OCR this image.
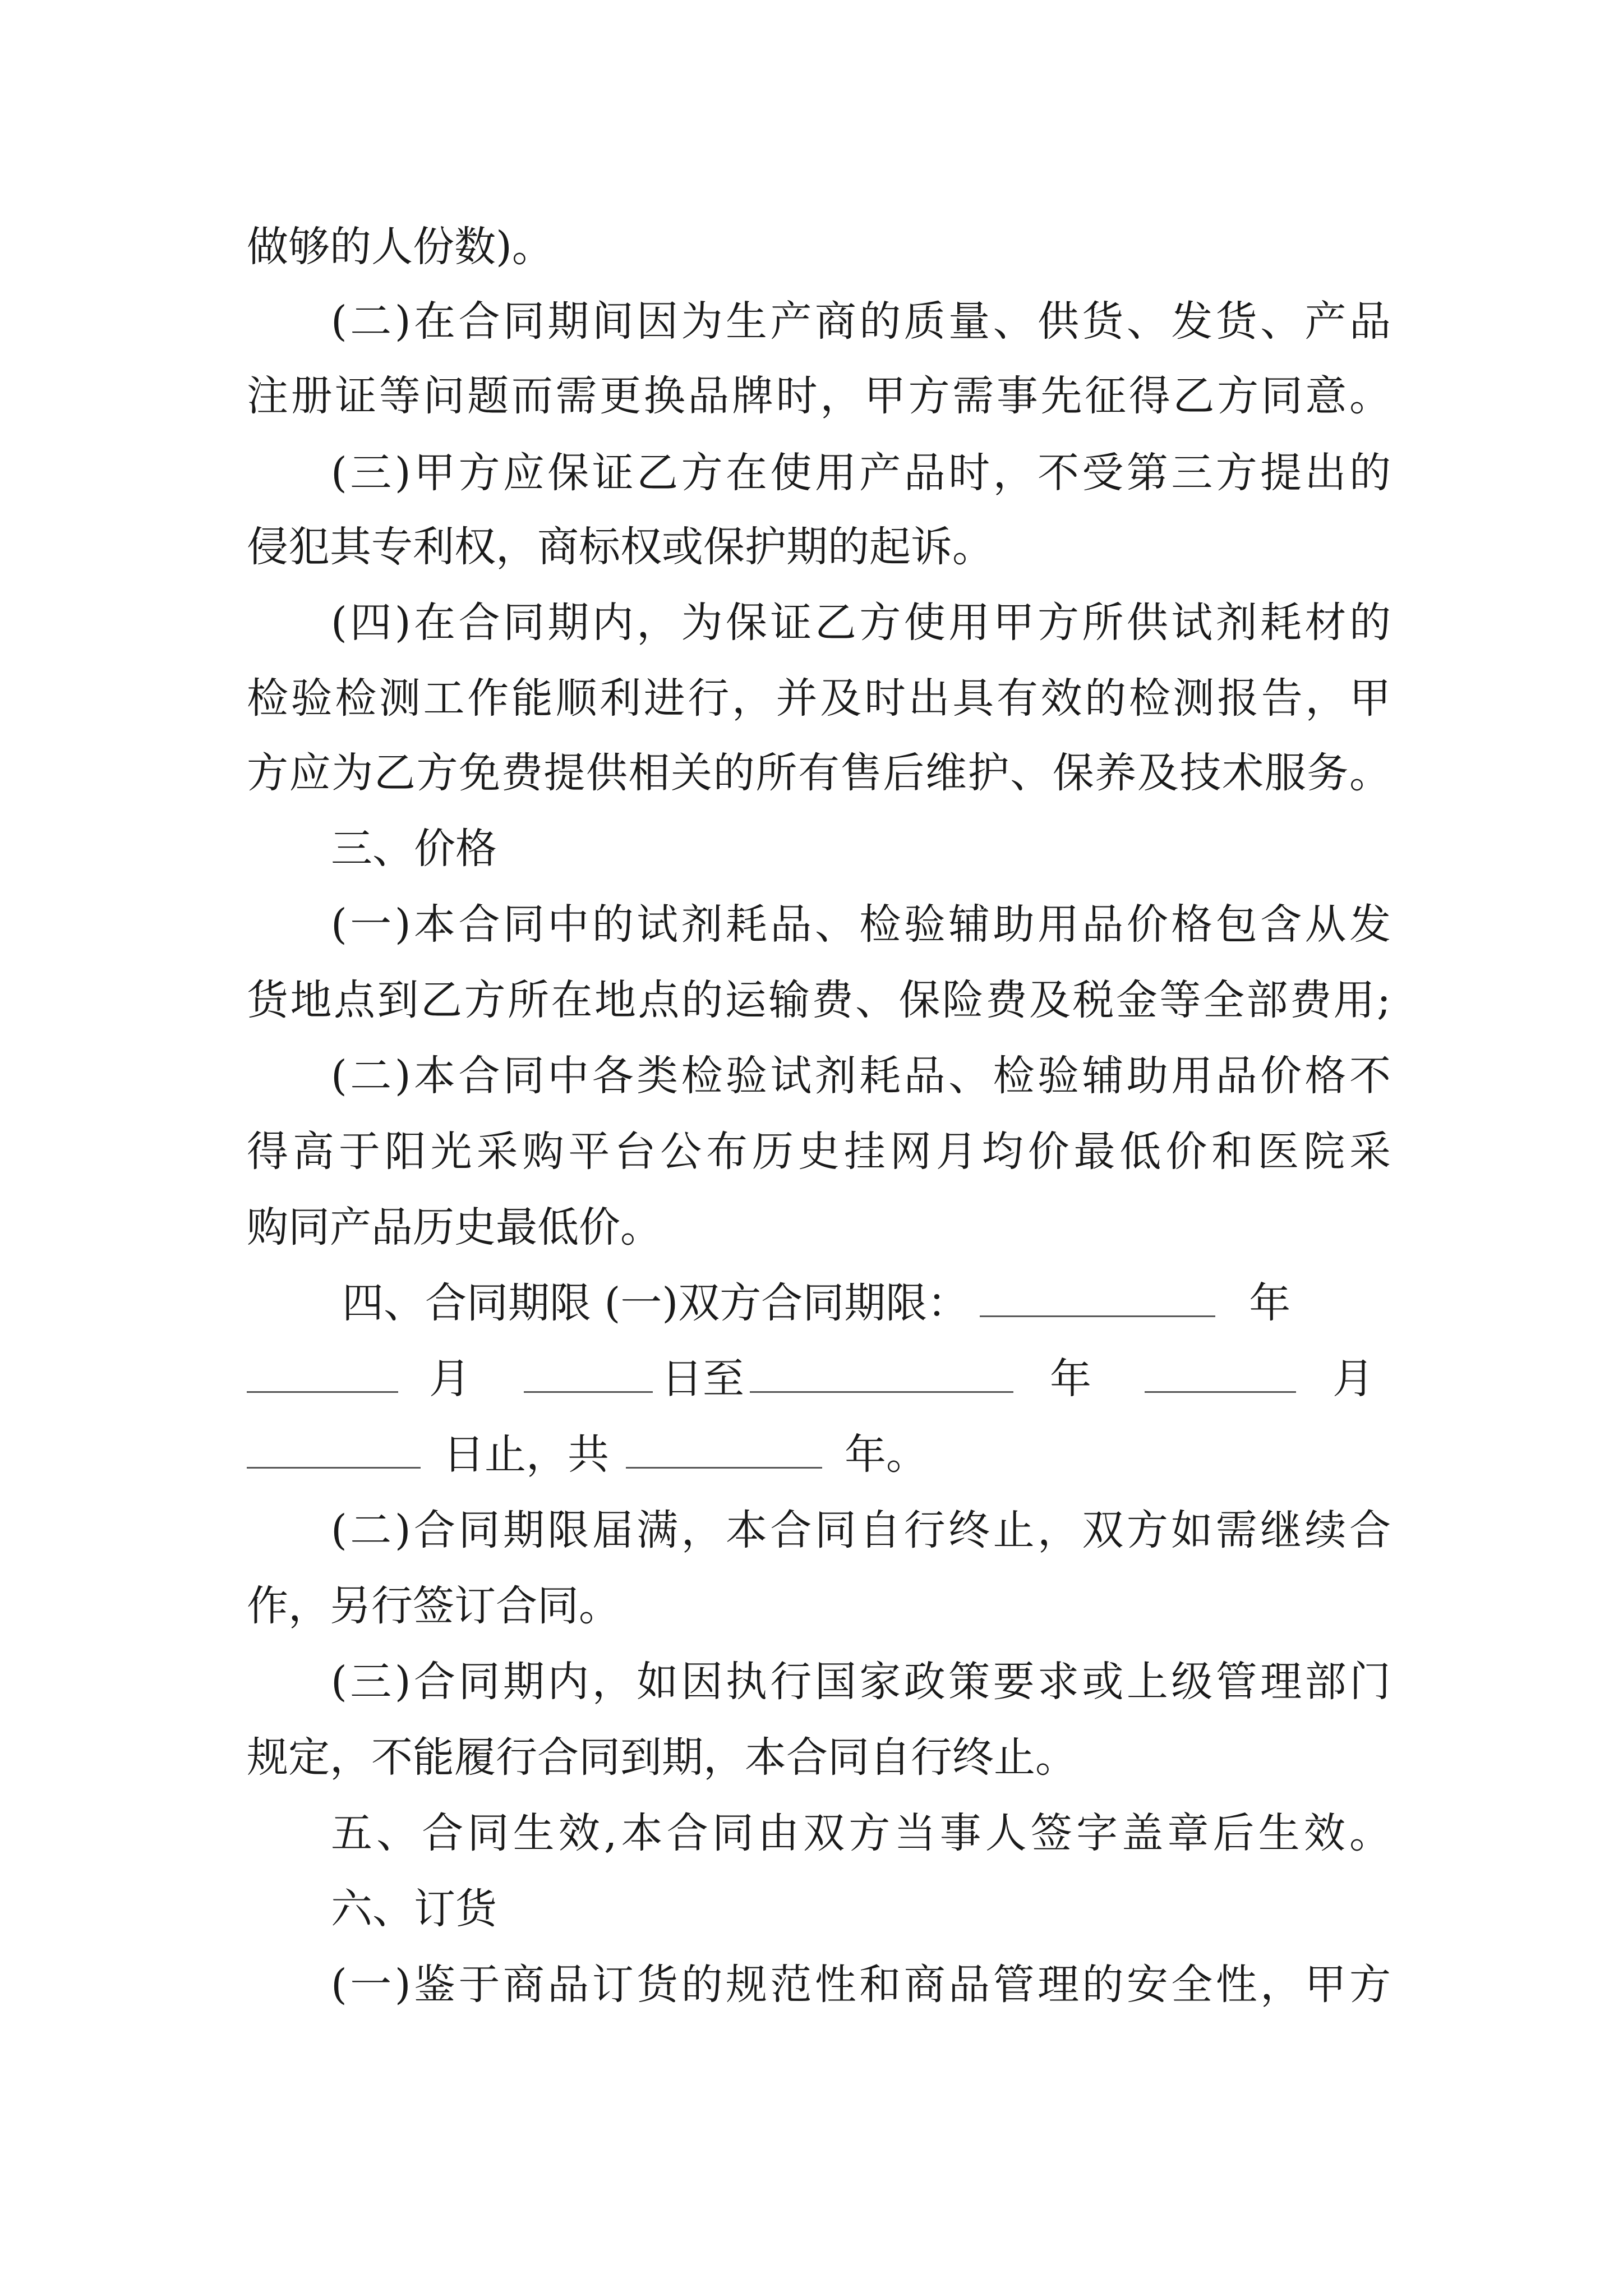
做够的人份数)。
(二)在合同期间因为生产商的质量、供货、发货、产品
注册证等问题而需更换品牌时，甲方需事先征得乙方同意。
(三)甲方应保证乙方在使用产品时，不受第三方提出的
侵犯其专利权，商标权或保护期的起诉。
(四)在合同期内，为保证乙方使用甲方所供试剂耗材的
检验检测工作能顺利进行，并及时出具有效的检测报告，甲
方应为乙方免费提供相关的所有售后维护、保养及技术服务。
三、价格
(一)本合同中的试剂耗品、检验辅助用品价格包含从发
货地点到乙方所在地点的运输费、保险费及税金等全部费用;
(二)本合同中各类检验试剂耗品、检验辅助用品价格不
得高于阳光采购平台公布历史挂网月均价最低价和医院采
购同产品历史最低价。
四、合同期限 (一)双方合同期限：	年
月	日至	年	月
日止，共	年。
(二)合同期限届满，本合同自行终止，双方如需继续合
作，另行签订合同。
(三)合同期内，如因执行国家政策要求或上级管理部门
规定，不能履行合同到期，本合同自行终止。
五、合同生效,本合同由双方当事人签字盖章后生效。
六、订货
(一)鉴于商品订货的规范性和商品管理的安全性，甲方
